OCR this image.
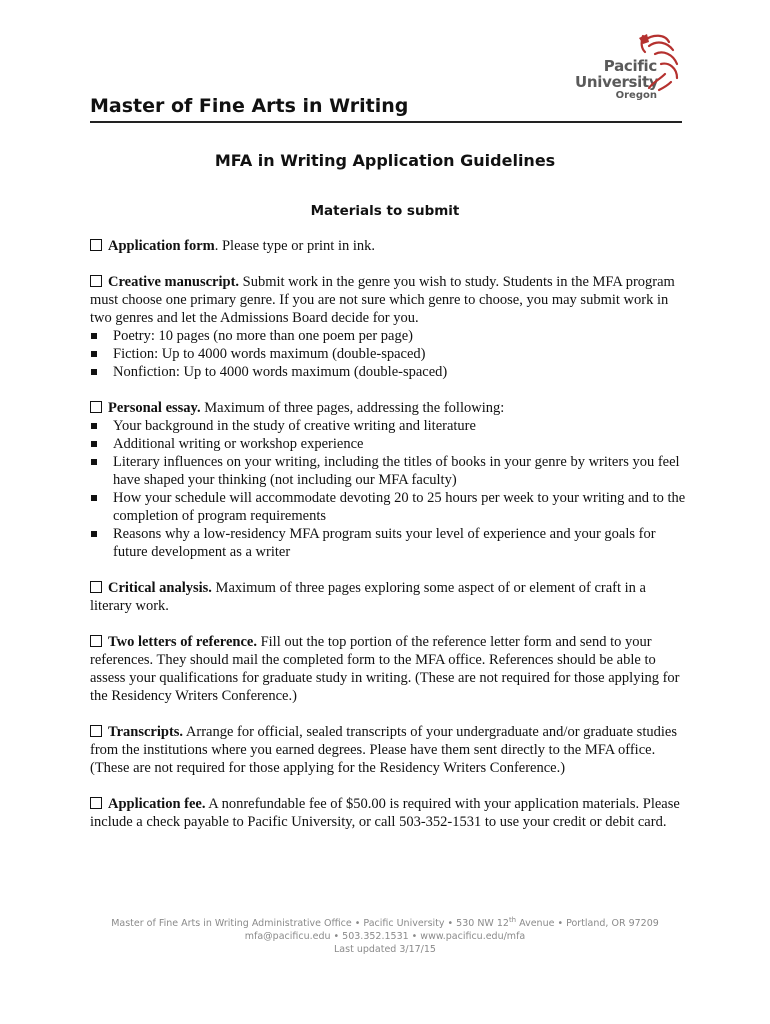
Pacific
University
Oregon
Master of Fine Arts in Writing
MFA in Writing Application Guidelines
Materials to submit
Application form. Please type or print in ink.
Creative manuscript. Submit work in the genre you wish to study. Students in the MFA program must choose one primary genre. If you are not sure which genre to choose, you may submit work in two genres and let the Admissions Board decide for you.
Poetry: 10 pages (no more than one poem per page)
Fiction: Up to 4000 words maximum (double-spaced)
Nonfiction: Up to 4000 words maximum (double-spaced)
Personal essay. Maximum of three pages, addressing the following:
Your background in the study of creative writing and literature
Additional writing or workshop experience
Literary influences on your writing, including the titles of books in your genre by writers you feel have shaped your thinking (not including our MFA faculty)
How your schedule will accommodate devoting 20 to 25 hours per week to your writing and to the completion of program requirements
Reasons why a low-residency MFA program suits your level of experience and your goals for future development as a writer
Critical analysis. Maximum of three pages exploring some aspect of or element of craft in a literary work.
Two letters of reference. Fill out the top portion of the reference letter form and send to your references. They should mail the completed form to the MFA office. References should be able to assess your qualifications for graduate study in writing. (These are not required for those applying for the Residency Writers Conference.)
Transcripts. Arrange for official, sealed transcripts of your undergraduate and/or graduate studies from the institutions where you earned degrees. Please have them sent directly to the MFA office. (These are not required for those applying for the Residency Writers Conference.)
Application fee. A nonrefundable fee of $50.00 is required with your application materials. Please include a check payable to Pacific University, or call 503-352-1531 to use your credit or debit card.
Master of Fine Arts in Writing Administrative Office • Pacific University • 530 NW 12th Avenue • Portland, OR 97209
mfa@pacificu.edu • 503.352.1531 • www.pacificu.edu/mfa
Last updated 3/17/15
